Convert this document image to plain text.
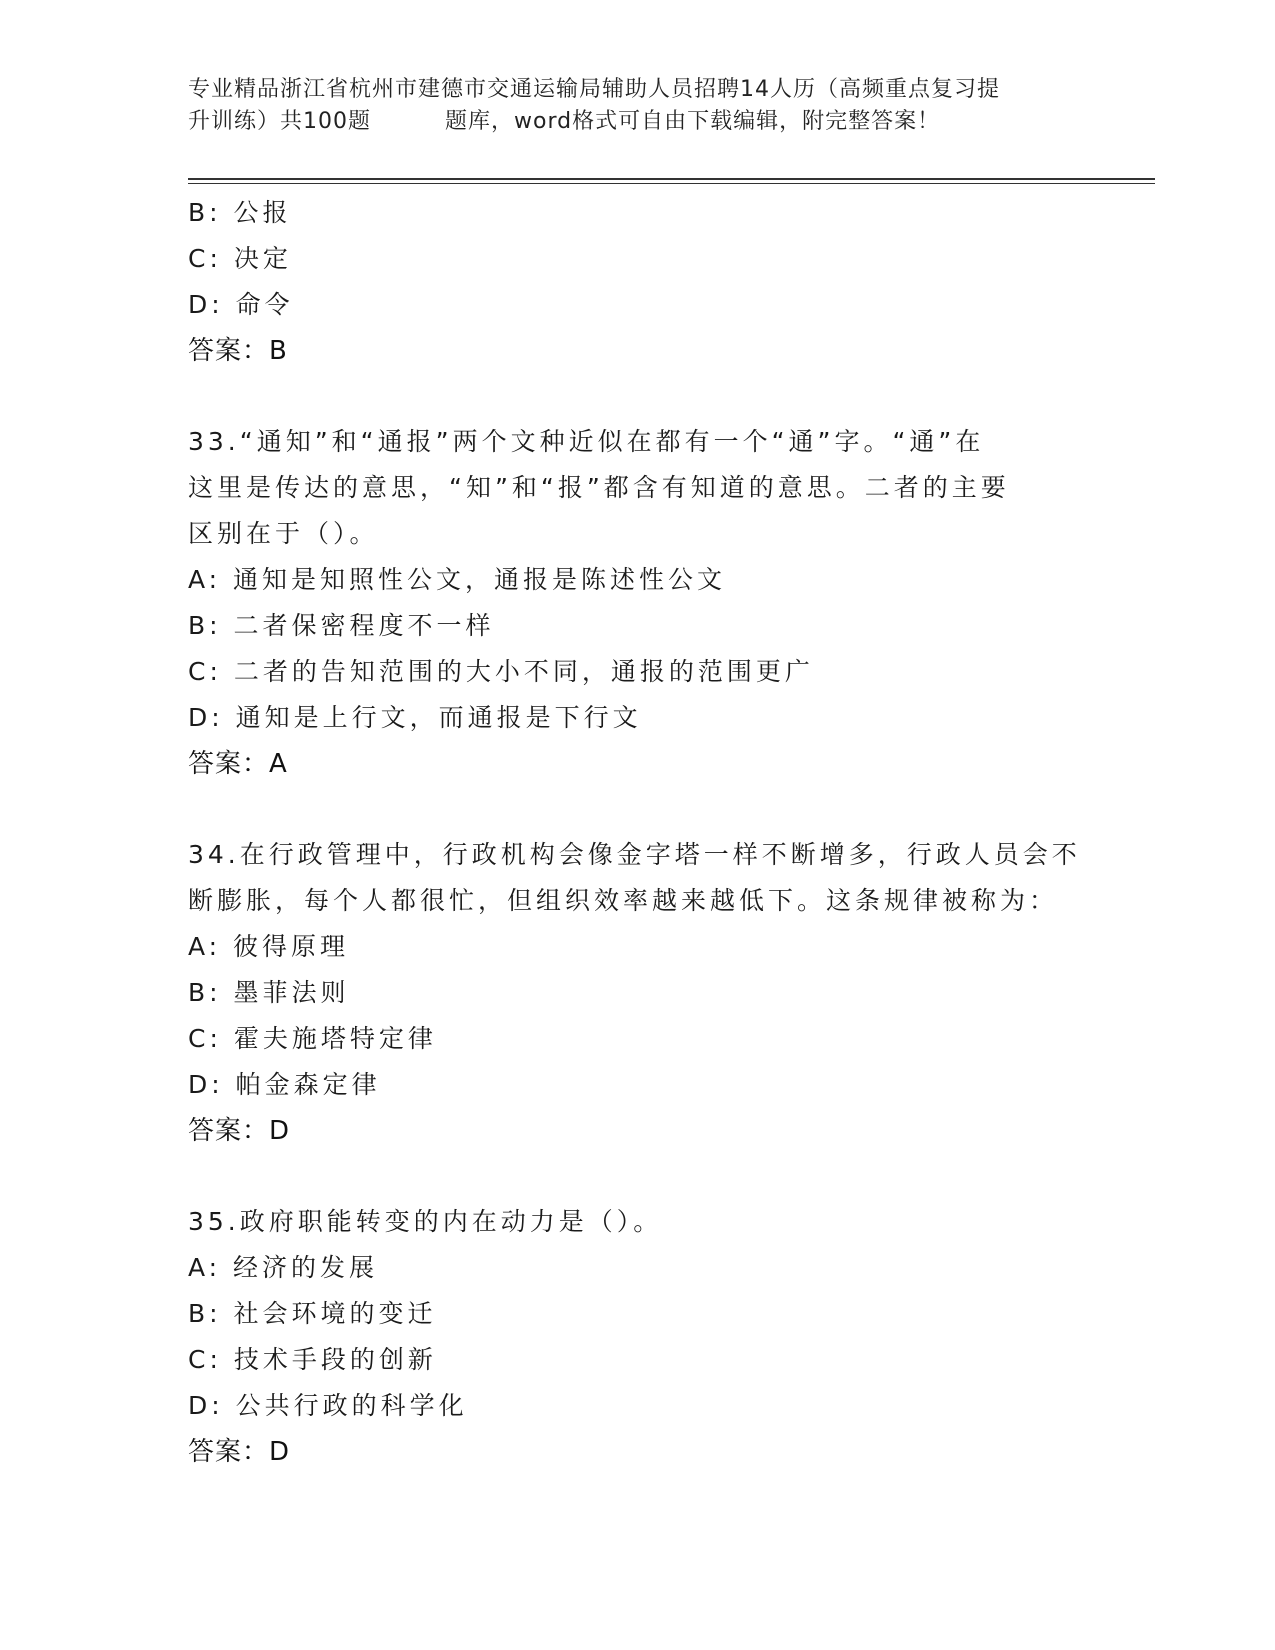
专业精品浙江省杭州市建德市交通运输局辅助人员招聘14人历（高频重点复习提
升训练）共100题	题库，word格式可自由下载编辑，附完整答案！
B: 公报
C: 决定
D: 命令
答案：B
33.“通知”和“通报”两个文种近似在都有一个“通”字。“通”在
这里是传达的意思，“知”和“报”都含有知道的意思。二者的主要
区别在于（）。
A: 通知是知照性公文，通报是陈述性公文
B: 二者保密程度不一样
C: 二者的告知范围的大小不同，通报的范围更广
D: 通知是上行文，而通报是下行文
答案：A
34.在行政管理中，行政机构会像金字塔一样不断增多，行政人员会不
断膨胀，每个人都很忙，但组织效率越来越低下。这条规律被称为：
A: 彼得原理
B: 墨菲法则
C: 霍夫施塔特定律
D: 帕金森定律
答案：D
35.政府职能转变的内在动力是（）。
A: 经济的发展
B: 社会环境的变迁
C: 技术手段的创新
D: 公共行政的科学化
答案：D
